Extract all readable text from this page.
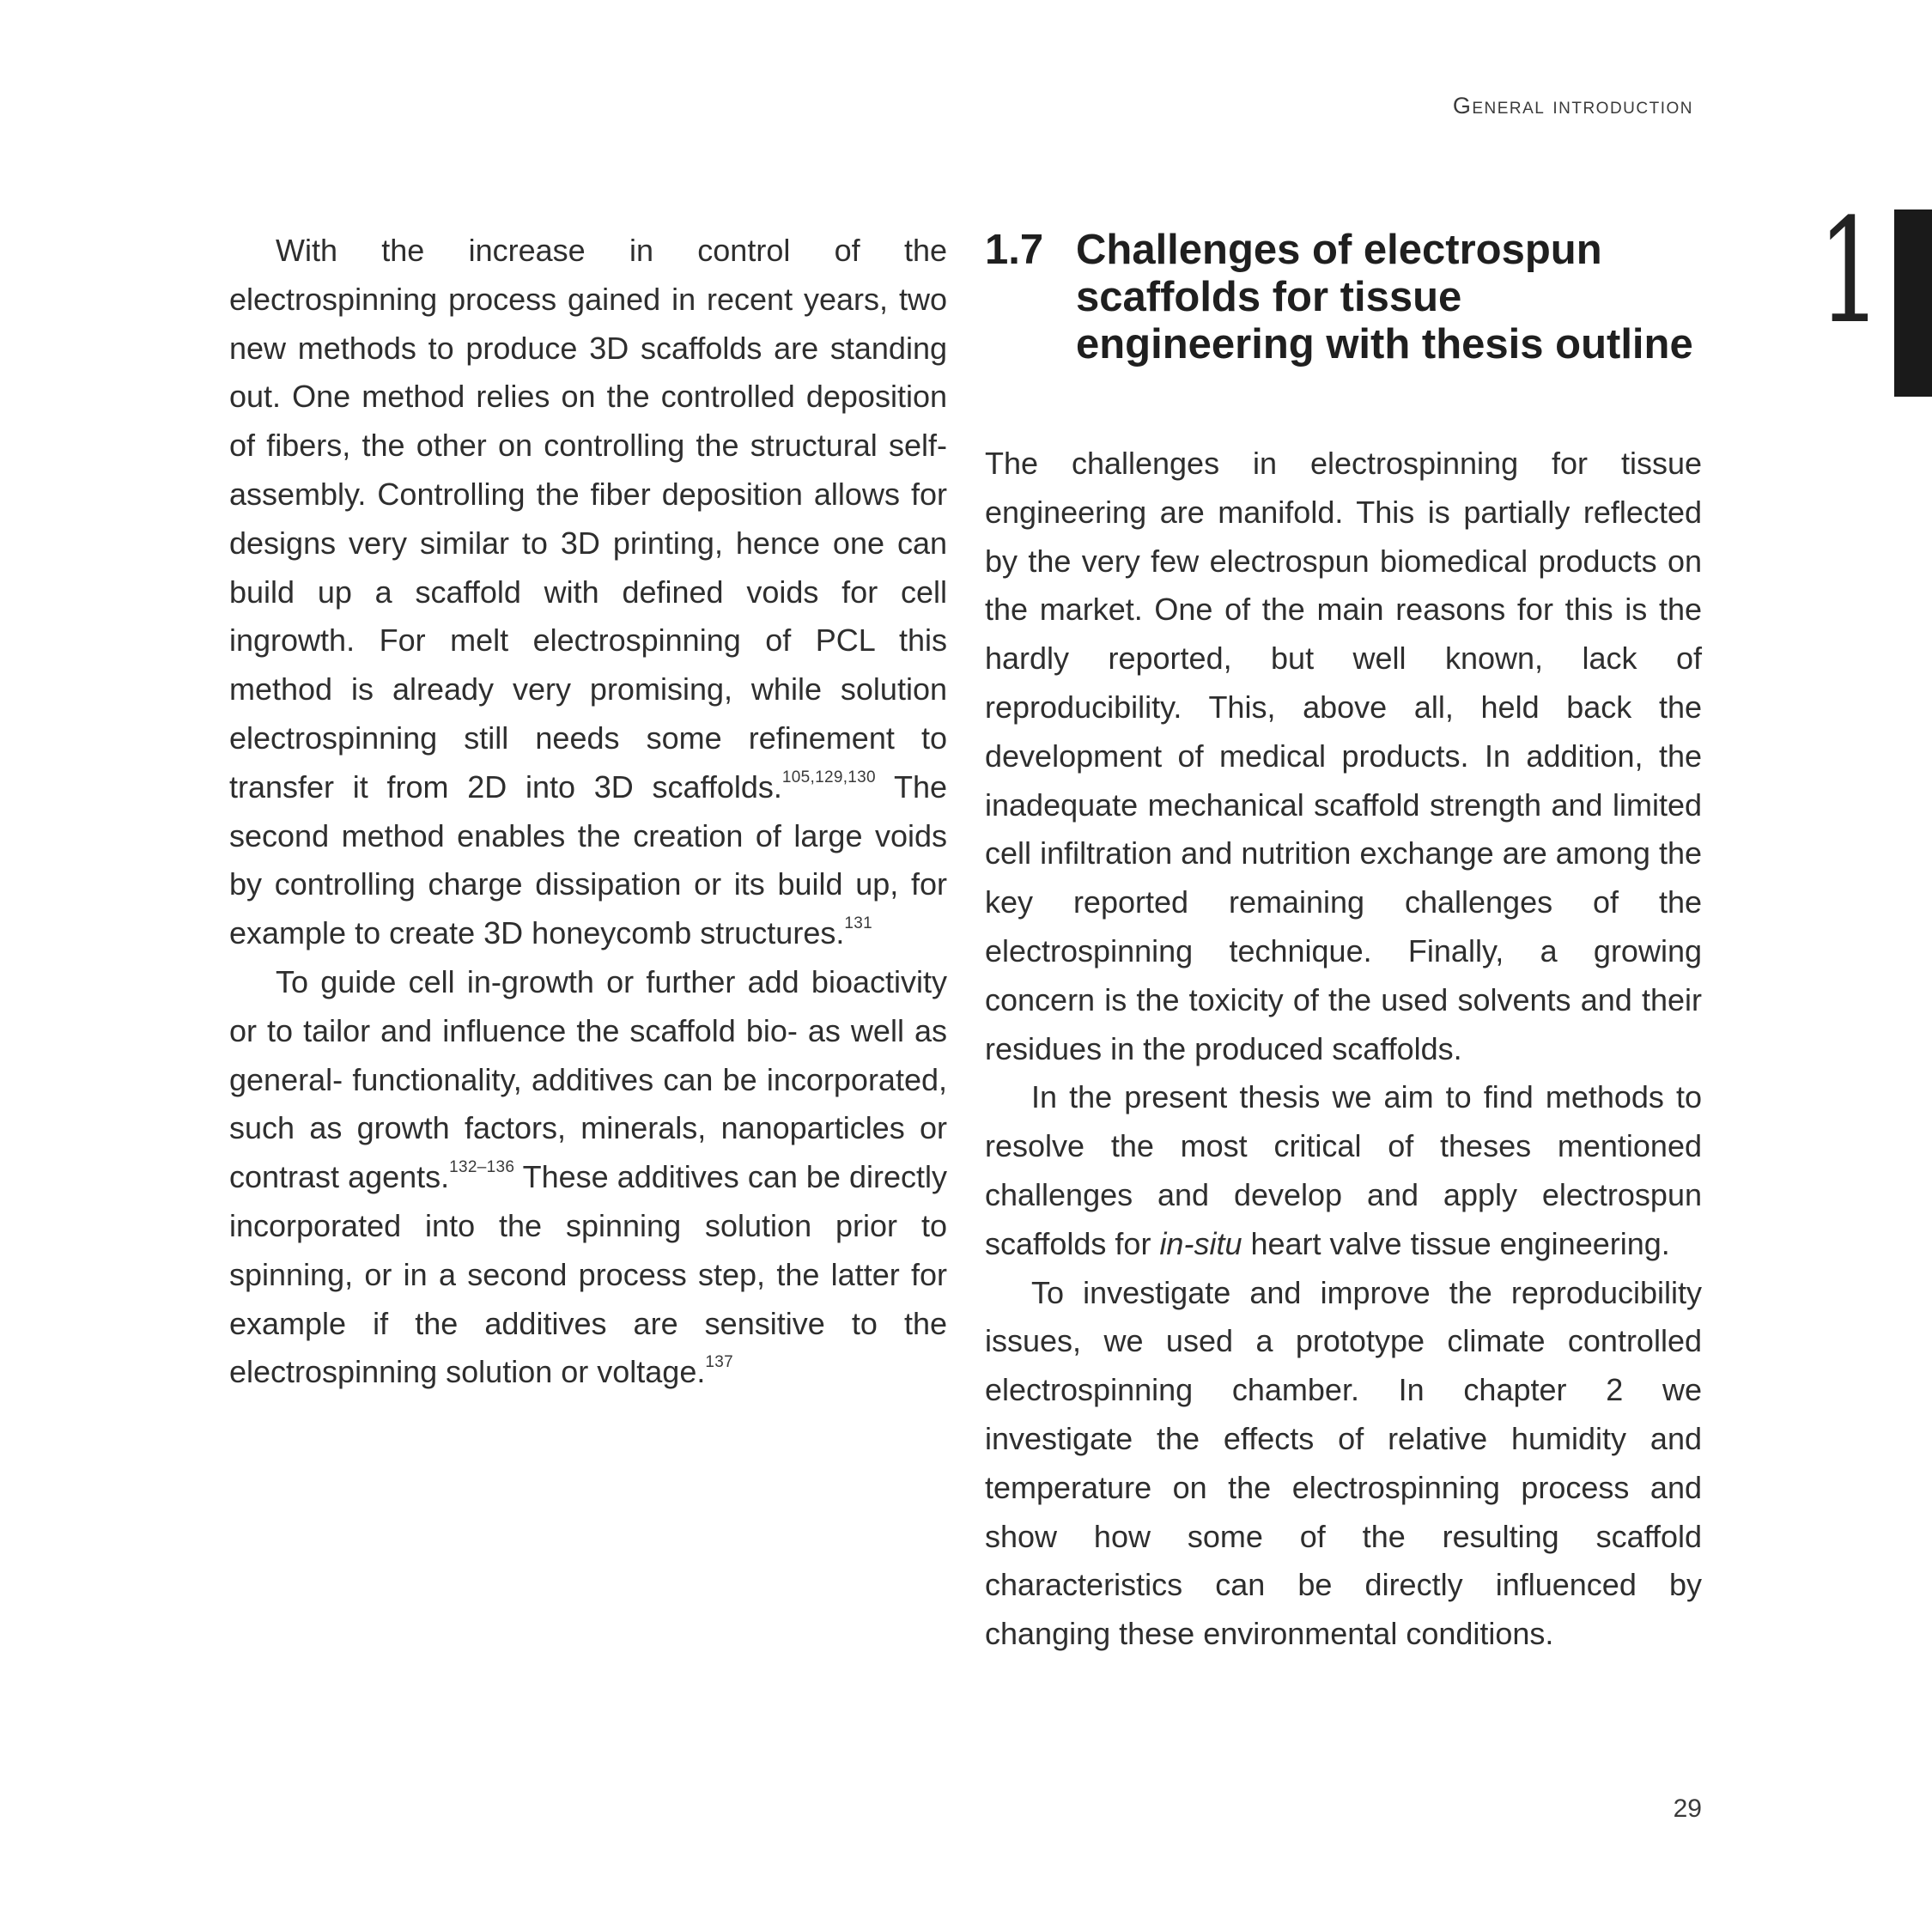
General introduction
1

With the increase in control of the electrospinning process gained in recent years, two new methods to produce 3D scaffolds are standing out. One method relies on the controlled deposition of fibers, the other on controlling the structural self-assembly. Controlling the fiber deposition allows for designs very similar to 3D printing, hence one can build up a scaffold with defined voids for cell ingrowth. For melt electrospinning of PCL this method is already very promising, while solution electrospinning still needs some refinement to transfer it from 2D into 3D scaffolds.$^{105,129,130}$ The second method enables the creation of large voids by controlling charge dissipation or its build up, for example to create 3D honeycomb structures.$^{131}$

To guide cell in-growth or further add bioactivity or to tailor and influence the scaffold bio- as well as general- functionality, additives can be incorporated, such as growth factors, minerals, nanoparticles or contrast agents.$^{132-136}$ These additives can be directly incorporated into the spinning solution prior to spinning, or in a second process step, the latter for example if the additives are sensitive to the electrospinning solution or voltage.$^{137}$

1.7 Challenges of electrospun scaffolds for tissue engineering with thesis outline

The challenges in electrospinning for tissue engineering are manifold. This is partially reflected by the very few electrospun biomedical products on the market. One of the main reasons for this is the hardly reported, but well known, lack of reproducibility. This, above all, held back the development of medical products. In addition, the inadequate mechanical scaffold strength and limited cell infiltration and nutrition exchange are among the key reported remaining challenges of the electrospinning technique. Finally, a growing concern is the toxicity of the used solvents and their residues in the produced scaffolds.

In the present thesis we aim to find methods to resolve the most critical of theses mentioned challenges and develop and apply electrospun scaffolds for in-situ heart valve tissue engineering.

To investigate and improve the reproducibility issues, we used a prototype climate controlled electrospinning chamber. In chapter 2 we investigate the effects of relative humidity and temperature on the electrospinning process and show how some of the resulting scaffold characteristics can be directly influenced by changing these environmental conditions.

29
